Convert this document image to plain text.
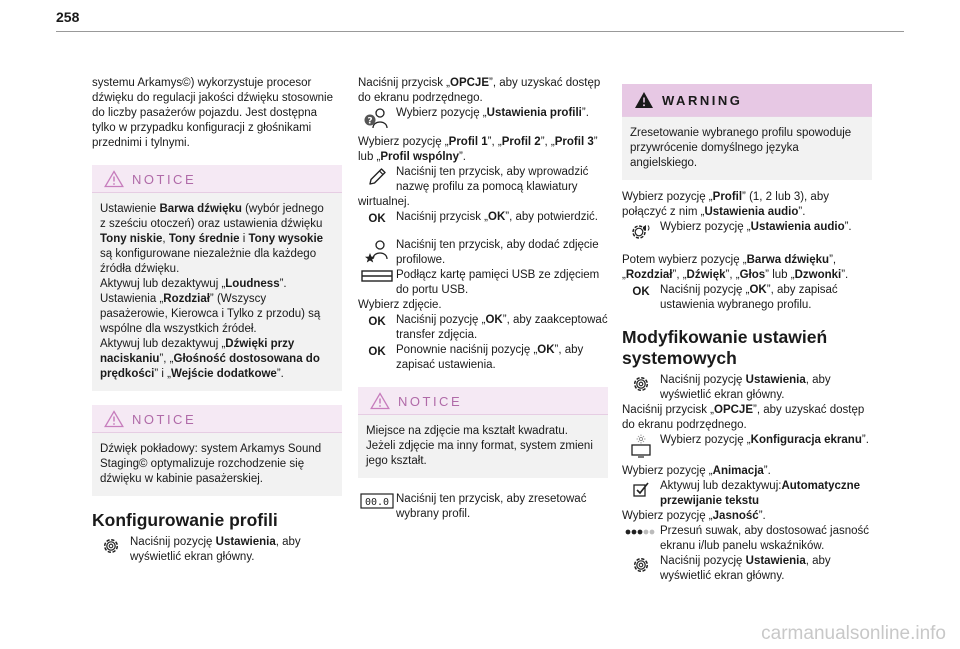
258

systemu Arkamys©) wykorzystuje procesor dźwięku do regulacji jakości dźwięku stosownie do liczby pasażerów pojazdu. Jest dostępna tylko w przypadku konfiguracji z głośnikami przednimi i tylnymi.

NOTICE

Ustawienie Barwa dźwięku (wybór jednego z sześciu otoczeń) oraz ustawienia dźwięku Tony niskie, Tony średnie i Tony wysokie są konfigurowane niezależnie dla każdego źródła dźwięku.

Aktywuj lub dezaktywuj „Loudness”.

Ustawienia „Rozdział” (Wszyscy pasażerowie, Kierowca i Tylko z przodu) są wspólne dla wszystkich źródeł.

Aktywuj lub dezaktywuj „Dźwięki przy naciskaniu”, „Głośność dostosowana do prędkości” i „Wejście dodatkowe”.

NOTICE

Dźwięk pokładowy: system Arkamys Sound Staging© optymalizuje rozchodzenie się dźwięku w kabinie pasażerskiej.

Konfigurowanie profili
Naciśnij pozycję Ustawienia, aby wyświetlić ekran główny.

Naciśnij przycisk „OPCJE”, aby uzyskać dostęp do ekranu podrzędnego.

?
Wybierz pozycję „Ustawienia profili”.

Wybierz pozycję „Profil 1”, „Profil 2”, „Profil 3” lub „Profil wspólny”.

Naciśnij ten przycisk, aby wprowadzić nazwę profilu za pomocą klawiatury

wirtualnej.

OK Naciśnij przycisk „OK”, aby potwierdzić.
Naciśnij ten przycisk, aby dodać zdjęcie profilowe.
Podłącz kartę pamięci USB ze zdjęciem do portu USB.

Wybierz zdjęcie.

OK Naciśnij pozycję „OK”, aby zaakceptować transfer zdjęcia.
OK Ponownie naciśnij pozycję „OK”, aby zapisać ustawienia.
NOTICE

Miejsce na zdjęcie ma kształt kwadratu. Jeżeli zdjęcie ma inny format, system zmieni jego kształt.

00.0 Naciśnij ten przycisk, aby zresetować wybrany profil.
WARNING

Zresetowanie wybranego profilu spowoduje przywrócenie domyślnego języka angielskiego.

Wybierz pozycję „Profil” (1, 2 lub 3), aby połączyć z nim „Ustawienia audio”.

Wybierz pozycję „Ustawienia audio”.

Potem wybierz pozycję „Barwa dźwięku”, „Rozdział”, „Dźwięk”, „Głos” lub „Dzwonki”.

OK Naciśnij pozycję „OK”, aby zapisać ustawienia wybranego profilu.
Modyfikowanie ustawień systemowych
Naciśnij pozycję Ustawienia, aby wyświetlić ekran główny.

Naciśnij przycisk „OPCJE”, aby uzyskać dostęp do ekranu podrzędnego.

Wybierz pozycję „Konfiguracja ekranu”.

Wybierz pozycję „Animacja”.

Aktywuj lub dezaktywuj:Automatyczne przewijanie tekstu

Wybierz pozycję „Jasność”.

Przesuń suwak, aby dostosować jasność ekranu i/lub panelu wskaźników.
Naciśnij pozycję Ustawienia, aby wyświetlić ekran główny.
carmanualsonline.info
